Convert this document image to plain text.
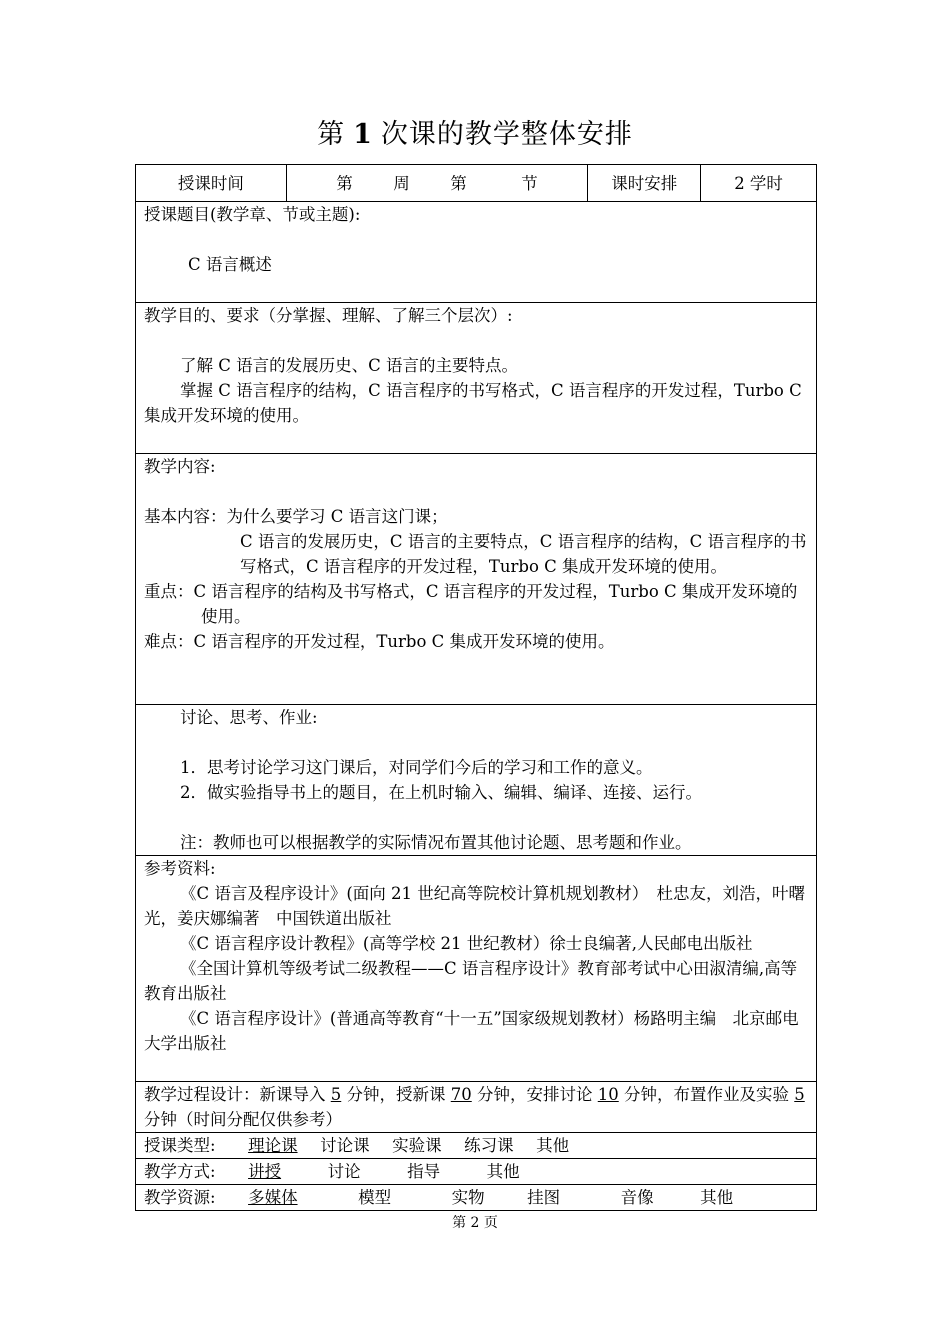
第 1 次课的教学整体安排
授课时间	第 周 第	节	课时安排	2 学时

授课题目(教学章、节或主题):

C 语言概述

教学目的、要求（分掌握、理解、了解三个层次）:

了解 C 语言的发展历史、C 语言的主要特点。

掌握 C 语言程序的结构，C 语言程序的书写格式，C 语言程序的开发过程，Turbo C 集成开发环境的使用。

教学内容:

基本内容：为什么要学习 C 语言这门课；

C 语言的发展历史，C 语言的主要特点，C 语言程序的结构，C 语言程序的书写格式，C 语言程序的开发过程，Turbo C 集成开发环境的使用。

重点：C 语言程序的结构及书写格式，C 语言程序的开发过程，Turbo C 集成开发环境的使用。

难点：C 语言程序的开发过程，Turbo C 集成开发环境的使用。

讨论、思考、作业:

1．思考讨论学习这门课后，对同学们今后的学习和工作的意义。

2．做实验指导书上的题目，在上机时输入、编辑、编译、连接、运行。

注：教师也可以根据教学的实际情况布置其他讨论题、思考题和作业。

参考资料:

《C 语言及程序设计》(面向 21 世纪高等院校计算机规划教材）　杜忠友，刘浩，叶曙光，姜庆娜编著　中国铁道出版社

《C 语言程序设计教程》(高等学校 21 世纪教材）徐士良编著,人民邮电出版社

《全国计算机等级考试二级教程——C 语言程序设计》教育部考试中心田淑清编,高等教育出版社

《C 语言程序设计》(普通高等教育“十一五”国家级规划教材）杨路明主编　北京邮电大学出版社

教学过程设计：新课导入 5 分钟，授新课 70 分钟，安排讨论 10 分钟，布置作业及实验 5 分钟（时间分配仅供参考）

授课类型: 理论课 讨论课 实验课 练习课 其他
教学方式: 讲授	讨论	指导	其他
教学资源: 多媒体	模型	实物	挂图	音像	其他
第 2 页
